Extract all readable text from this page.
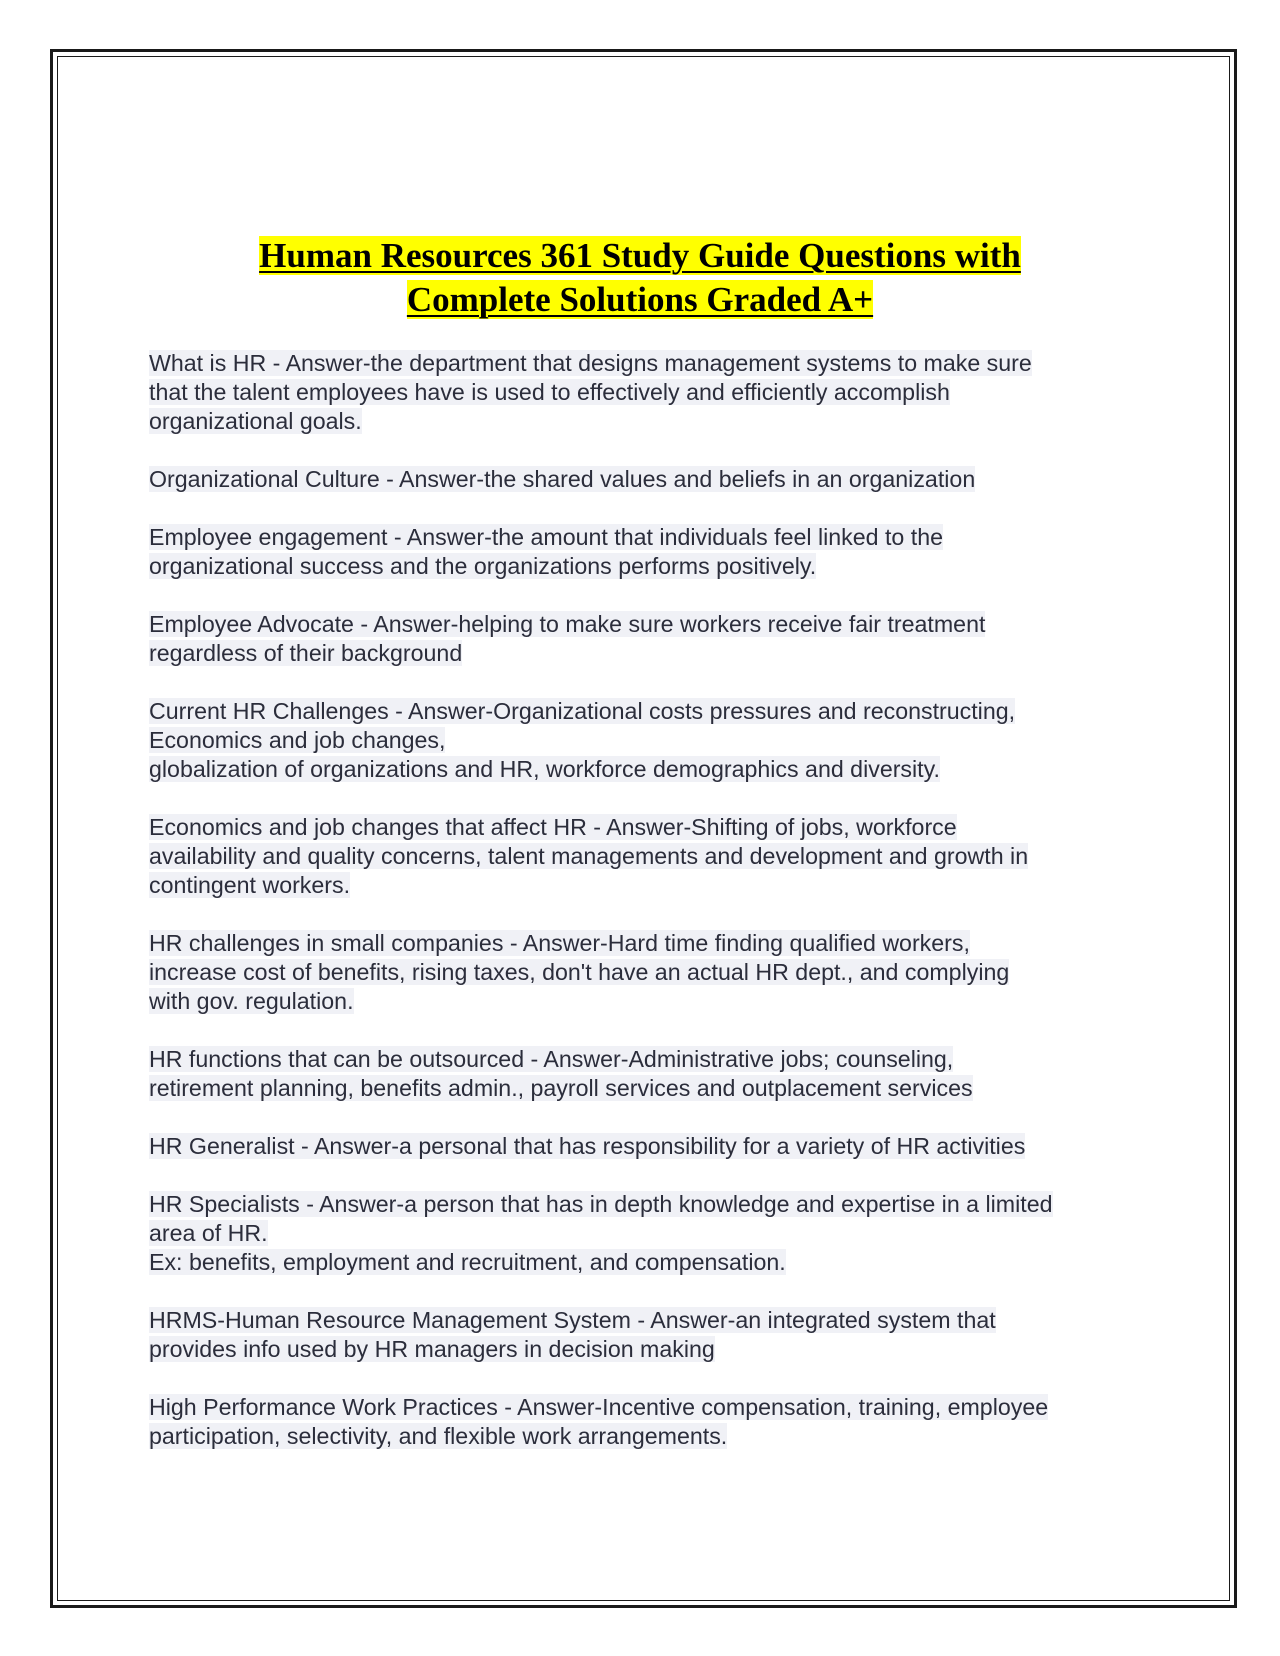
Human Resources 361 Study Guide Questions with
Complete Solutions Graded A+
What is HR - Answer-the department that designs management systems to make sure
that the talent employees have is used to effectively and efficiently accomplish
organizational goals.
Organizational Culture - Answer-the shared values and beliefs in an organization
Employee engagement - Answer-the amount that individuals feel linked to the
organizational success and the organizations performs positively.
Employee Advocate - Answer-helping to make sure workers receive fair treatment
regardless of their background
Current HR Challenges - Answer-Organizational costs pressures and reconstructing,
Economics and job changes,
globalization of organizations and HR, workforce demographics and diversity.
Economics and job changes that affect HR - Answer-Shifting of jobs, workforce
availability and quality concerns, talent managements and development and growth in
contingent workers.
HR challenges in small companies - Answer-Hard time finding qualified workers,
increase cost of benefits, rising taxes, don't have an actual HR dept., and complying
with gov. regulation.
HR functions that can be outsourced - Answer-Administrative jobs; counseling,
retirement planning, benefits admin., payroll services and outplacement services
HR Generalist - Answer-a personal that has responsibility for a variety of HR activities
HR Specialists - Answer-a person that has in depth knowledge and expertise in a limited
area of HR.
Ex: benefits, employment and recruitment, and compensation.
HRMS-Human Resource Management System - Answer-an integrated system that
provides info used by HR managers in decision making
High Performance Work Practices - Answer-Incentive compensation, training, employee
participation, selectivity, and flexible work arrangements.
